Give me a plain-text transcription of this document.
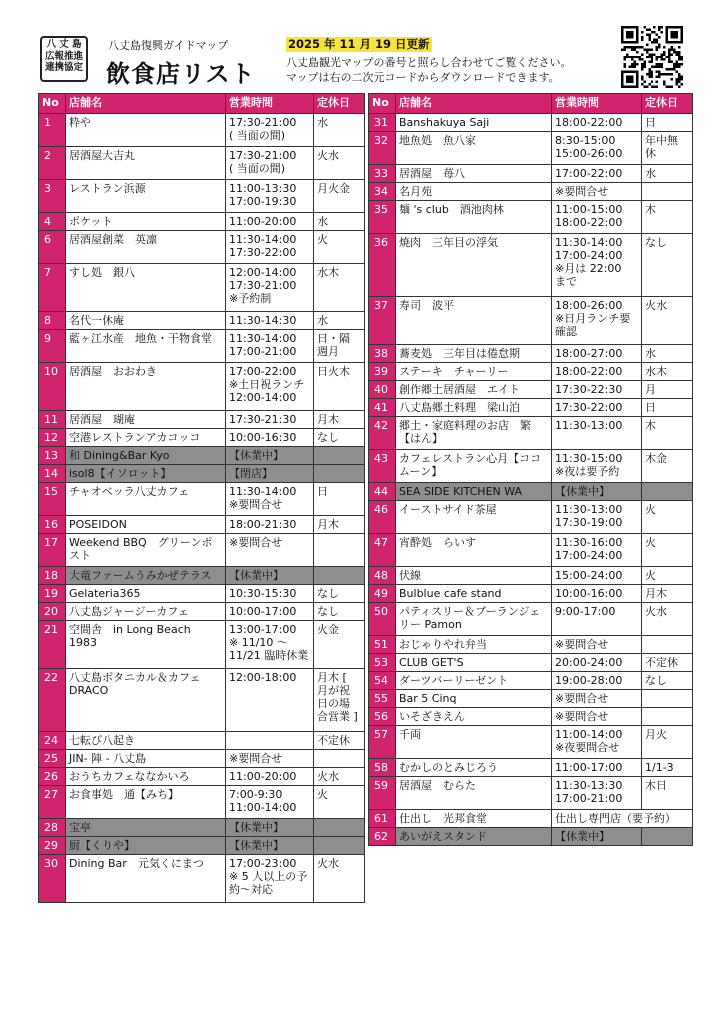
八 丈 島
広報推進
連携協定
八丈島復興ガイドマップ
飲食店リスト
2025 年 11 月 19 日更新
八丈島観光マップの番号と照らし合わせてご覧ください。
マップは右の二次元コードからダウンロードできます。
No	店舗名	営業時間	定休日
1	粋や	17:30-21:00
( 当面の間)	水
2	居酒屋大吉丸	17:30-21:00
( 当面の間)	火水
3	レストラン浜源	11:00-13:30
17:00-19:30	月火金
4	ポケット	11:00-20:00	水
6	居酒屋創菜　英凛	11:30-14:00
17:30-22:00	火
7	すし処　銀八	12:00-14:00
17:30-21:00
※予約制	水木
8	名代一休庵	11:30-14:30	水
9	藍ヶ江水産　地魚・干物食堂	11:30-14:00
17:00-21:00	日・隔
週月
10	居酒屋　おおわき	17:00-22:00
※土日祝ランチ
12:00-14:00	日火木
11	居酒屋　瑚庵	17:30-21:30	月木
12	空港レストランアカコッコ	10:00-16:30	なし
13	和 Dining&Bar Kyo	【休業中】	
14	isol8【イソロット】	【閉店】	
15	チャオベッラ八丈カフェ	11:30-14:00
※要問合せ	日
16	POSEIDON	18:00-21:30	月木
17	Weekend BBQ　グリーンポスト	※要問合せ	
18	大竜ファームうみかぜテラス	【休業中】	
19	Gelateria365	10:30-15:30	なし
20	八丈島ジャージーカフェ	10:00-17:00	なし
21	空間舎　in Long Beach
1983	13:00-17:00
※ 11/10 ～
11/21 臨時休業	火金
22	八丈島ボタニカル＆カフェ
DRACO	12:00-18:00	月木 [
月が祝
日の場
合営業 ]
24	七転び八起き		不定休
25	JIN- 陣 - 八丈島	※要問合せ	
26	おうちカフェななかいろ	11:00-20:00	火水
27	お食事処　通【みち】	7:00-9:30
11:00-14:00	火
28	宝亭	【休業中】	
29	厨【くりや】	【休業中】	
30	Dining Bar　元気くにまつ	17:00-23:00
※ 5 人以上の予
約～対応	火水
No	店舗名	営業時間	定休日
31	Banshakuya Saji	18:00-22:00	日
32	地魚処　魚八家	8:30-15:00
15:00-26:00	年中無
休
33	居酒屋　苺八	17:00-22:00	水
34	名月苑	※要問合せ	
35	麺 's club　酒池肉林	11:00-15:00
18:00-22:00	木
36	焼肉　三年目の浮気	11:30-14:00
17:00-24:00
※月は 22:00
まで	なし
37	寿司　波平	18:00-26:00
※日月ランチ要
確認	火水
38	蕎麦処　三年目は倦怠期	18:00-27:00	水
39	ステーキ　チャーリー	18:00-22:00	水木
40	創作郷土居酒屋　エイト	17:30-22:30	月
41	八丈島郷土料理　梁山泊	17:30-22:00	日
42	郷土・家庭料理のお店　繁【はん】	11:30-13:00	木
43	カフェレストラン心月【ココムーン】	11:30-15:00
※夜は要予約	木金
44	SEA SIDE KITCHEN WA	【休業中】	
46	イーストサイド茶屋	11:30-13:00
17:30-19:00	火
47	宵酔処　らいす	11:30-16:00
17:00-24:00	火
48	伏線	15:00-24:00	火
49	Bulblue cafe stand	10:00-16:00	月木
50	パティスリー＆ブーランジェリー Pamon	9:00-17:00	火水
51	おじゃりやれ弁当	※要問合せ	
53	CLUB GET'S	20:00-24:00	不定休
54	ダーツバーリーゼント	19:00-28:00	なし
55	Bar 5 Cinq	※要問合せ	
56	いそざきえん	※要問合せ	
57	千両	11:00-14:00
※夜要問合せ	月火
58	むかしのとみじろう	11:00-17:00	1/1-3
59	居酒屋　むらた	11:30-13:30
17:00-21:00	木日
61	仕出し　光邦食堂	仕出し専門店（要予約）	
62	あいがえスタンド	【休業中】	
